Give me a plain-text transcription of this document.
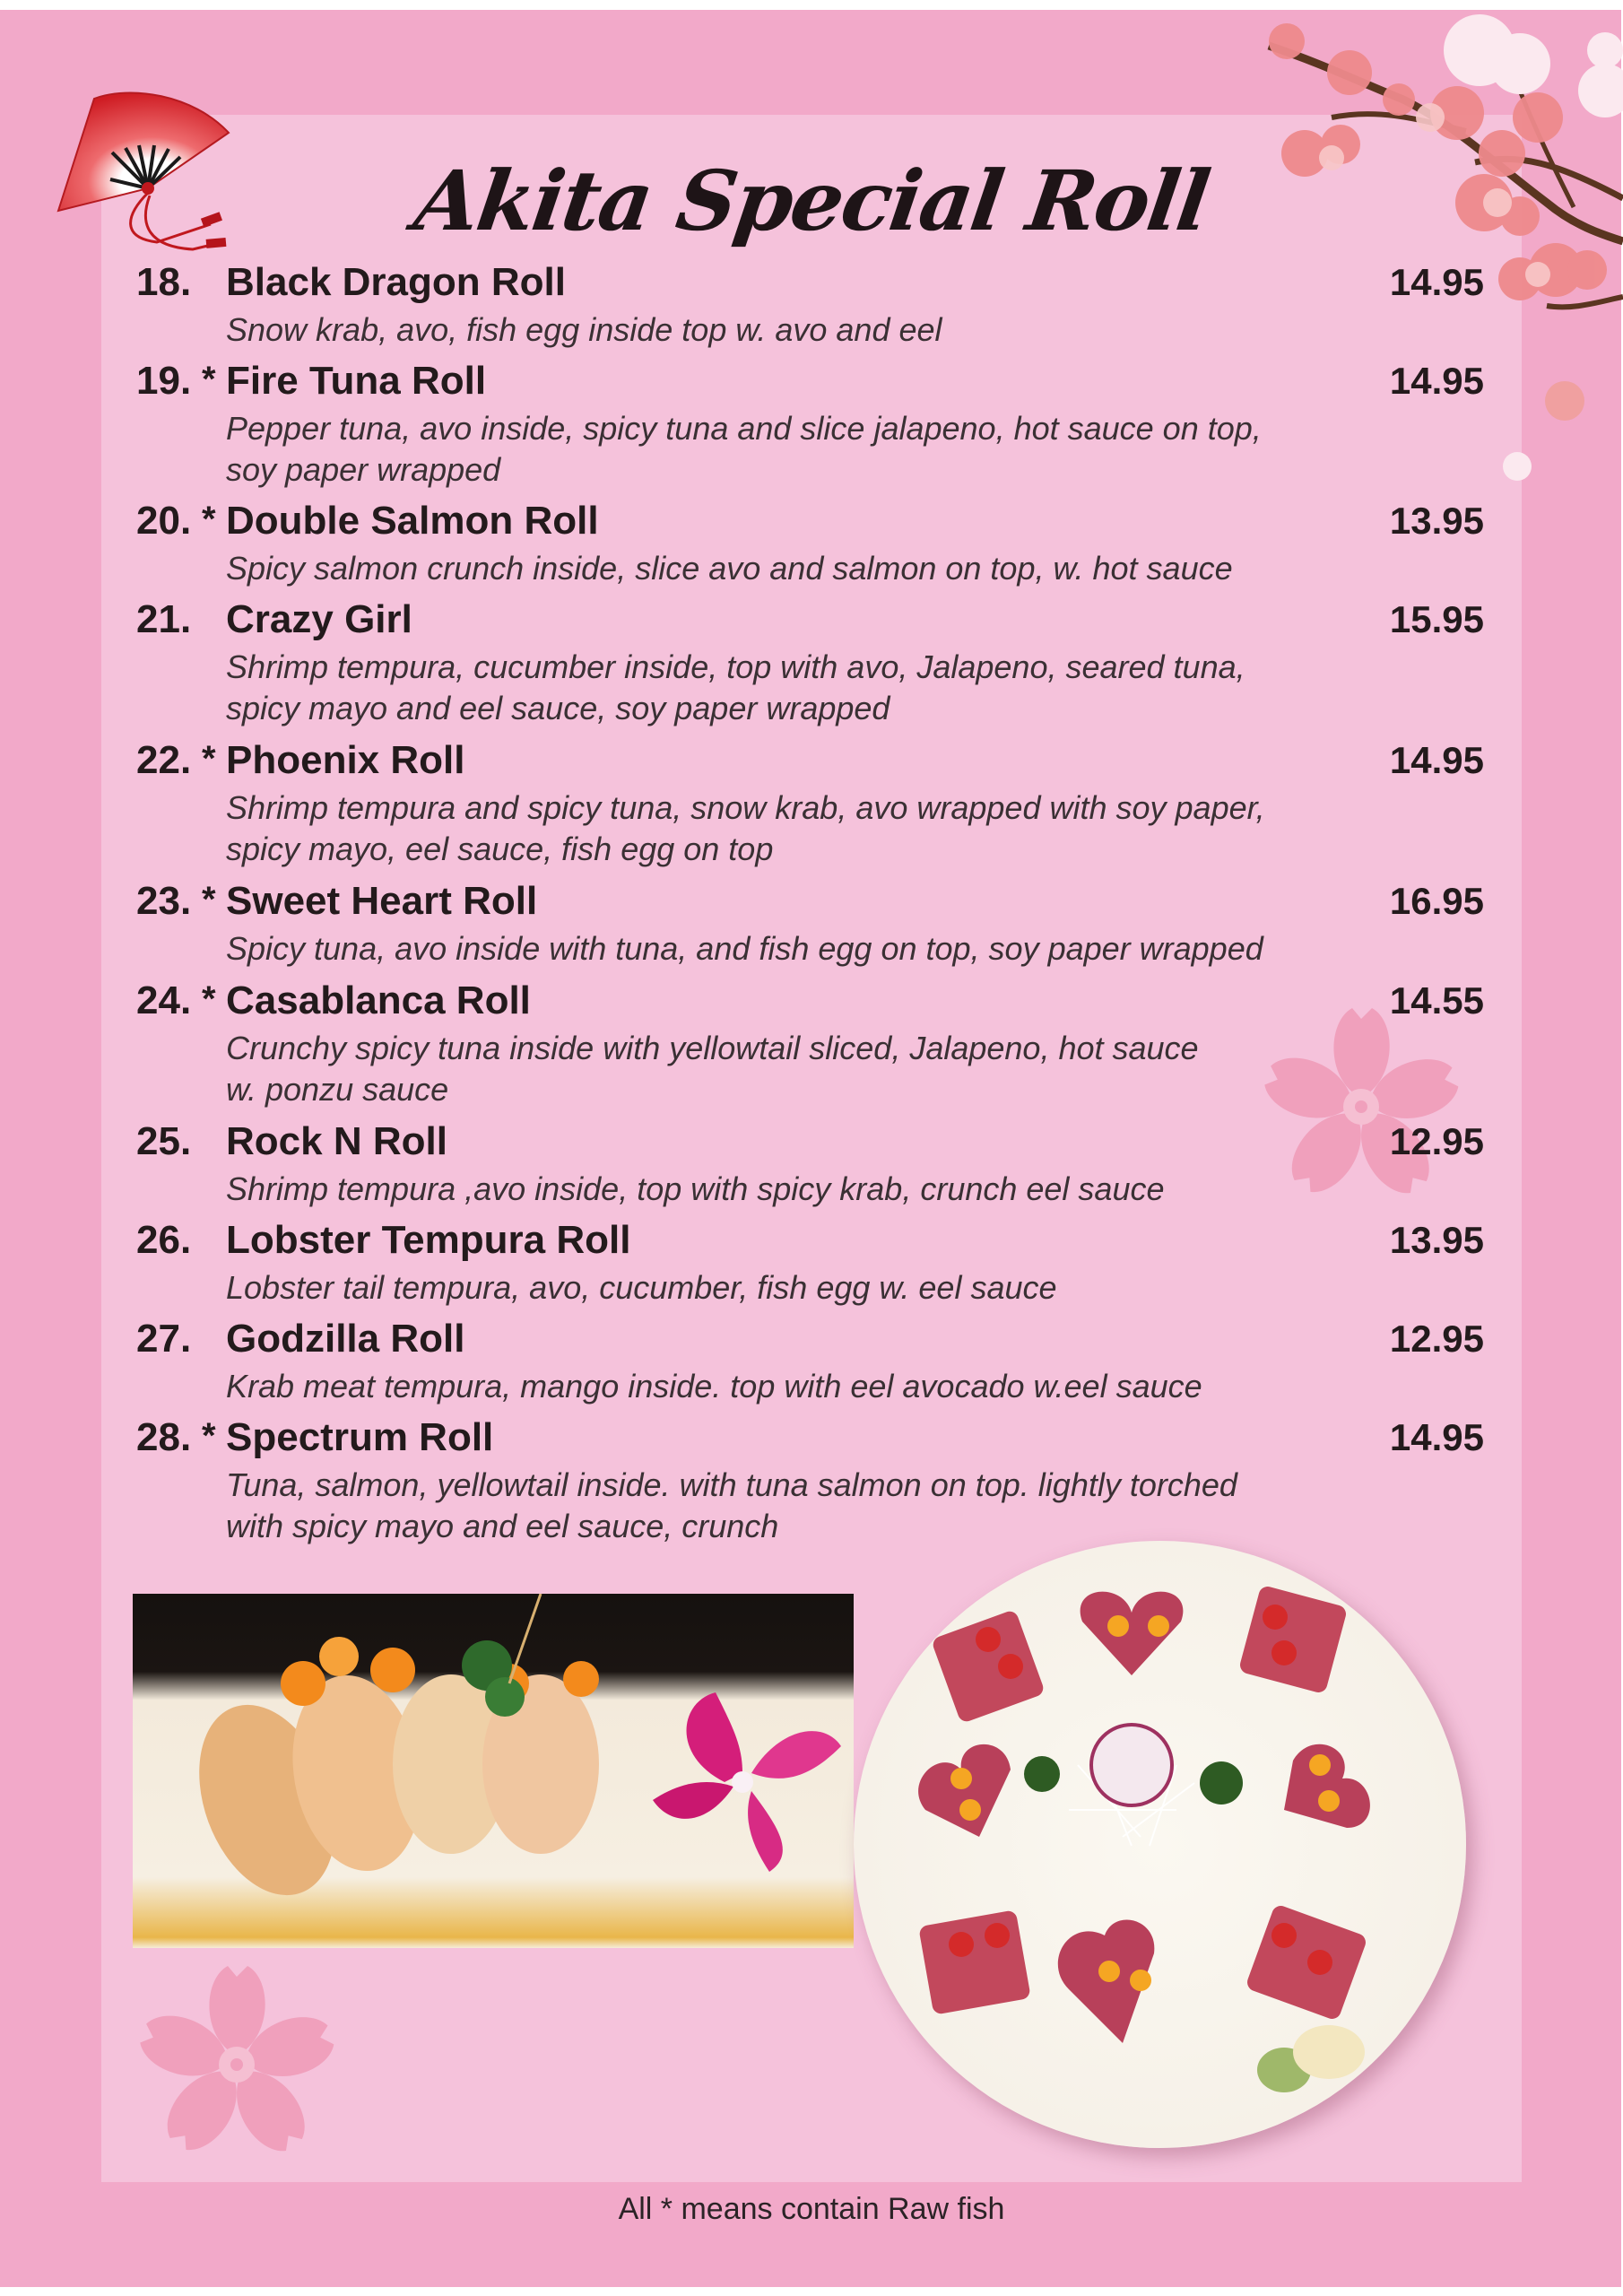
Akita Special Roll
18. Black Dragon Roll	14.95
Snow krab, avo, fish egg inside top w. avo and eel
19. * Fire Tuna Roll	14.95
Pepper tuna, avo inside, spicy tuna and slice jalapeno, hot sauce on top,
soy paper wrapped
20. * Double Salmon Roll	13.95
Spicy salmon crunch inside, slice avo and salmon on top, w. hot sauce
21. Crazy Girl	15.95
Shrimp tempura, cucumber inside, top with avo, Jalapeno, seared tuna,
spicy mayo and eel sauce, soy paper wrapped
22. * Phoenix Roll	14.95
Shrimp tempura and spicy tuna, snow krab, avo wrapped with soy paper,
spicy mayo, eel sauce, fish egg on top
23. * Sweet Heart Roll	16.95
Spicy tuna, avo inside with tuna, and fish egg on top, soy paper wrapped
24. * Casablanca Roll	14.55
Crunchy spicy tuna inside with yellowtail sliced, Jalapeno, hot sauce
w. ponzu sauce
25. Rock N Roll	12.95
Shrimp tempura ,avo inside, top with spicy krab, crunch eel sauce
26. Lobster Tempura Roll	13.95
Lobster tail tempura, avo, cucumber, fish egg w. eel sauce
27. Godzilla Roll	12.95
Krab meat tempura, mango inside. top with eel avocado w.eel sauce
28. * Spectrum Roll	14.95
Tuna, salmon, yellowtail inside. with tuna salmon on top. lightly torched
with spicy mayo and eel sauce, crunch
All * means contain Raw fish
